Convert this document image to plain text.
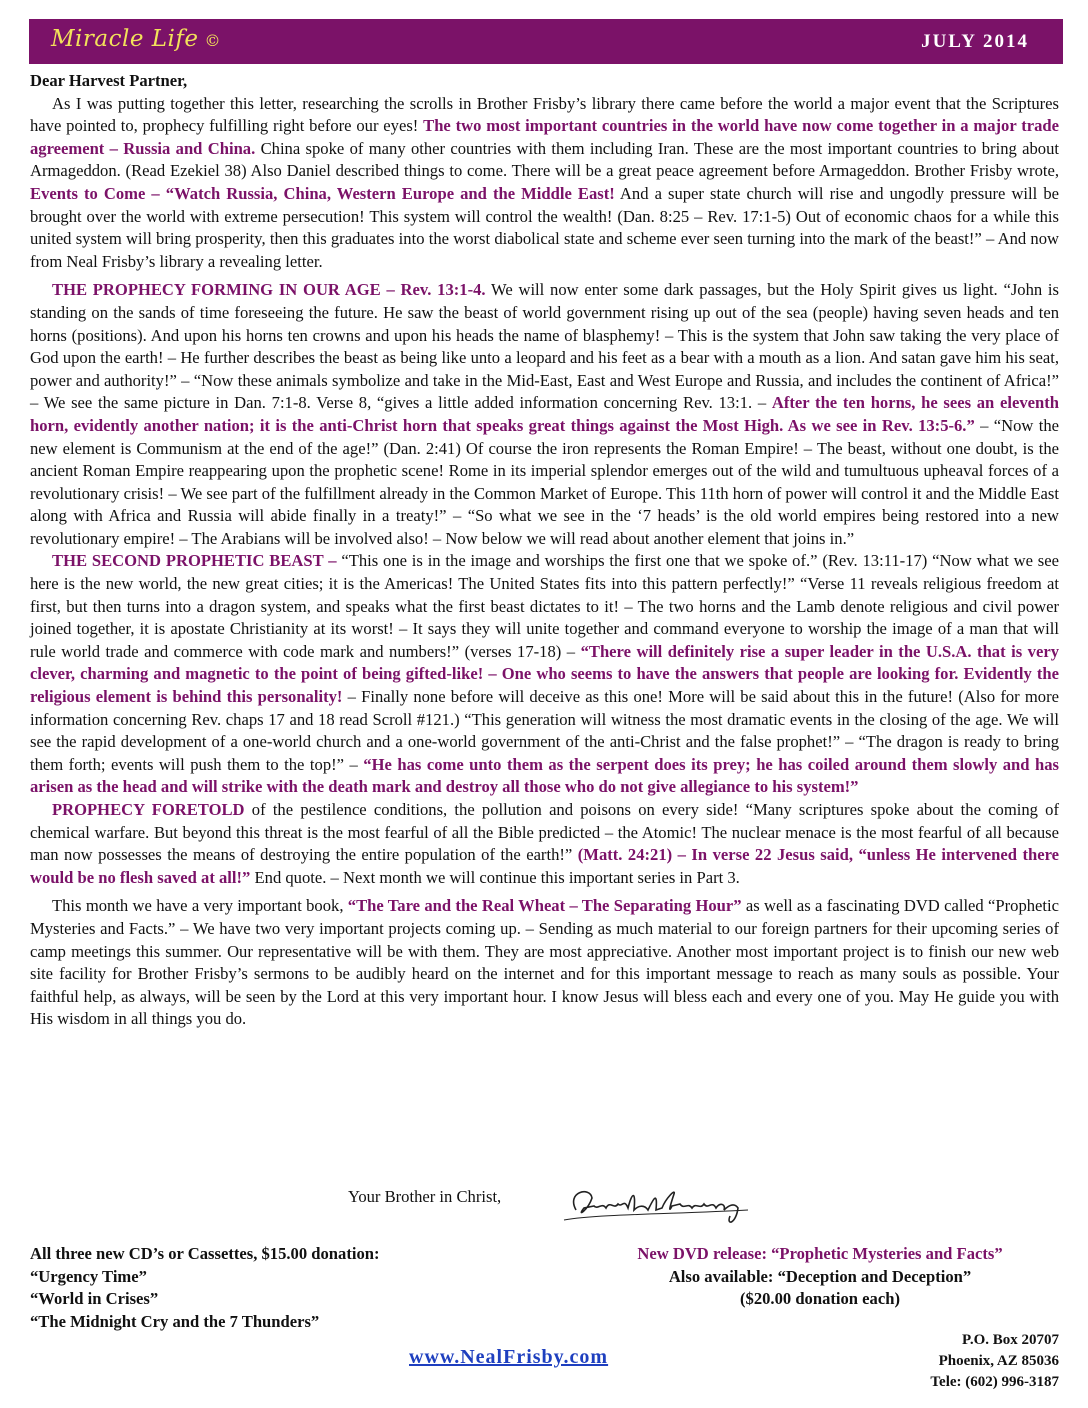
Miracle Life ©	JULY 2014

Dear Harvest Partner,

As I was putting together this letter, researching the scrolls in Brother Frisby’s library there came before the world a major event that the Scriptures have pointed to, prophecy fulfilling right before our eyes! The two most important countries in the world have now come together in a major trade agreement – Russia and China. China spoke of many other countries with them including Iran. These are the most important countries to bring about Armageddon. (Read Ezekiel 38) Also Daniel described things to come. There will be a great peace agreement before Armageddon. Brother Frisby wrote, Events to Come – “Watch Russia, China, Western Europe and the Middle East! And a super state church will rise and ungodly pressure will be brought over the world with extreme persecution! This system will control the wealth! (Dan. 8:25 – Rev. 17:1-5) Out of economic chaos for a while this united system will bring prosperity, then this graduates into the worst diabolical state and scheme ever seen turning into the mark of the beast!” – And now from Neal Frisby’s library a revealing letter.

THE PROPHECY FORMING IN OUR AGE – Rev. 13:1-4. We will now enter some dark passages, but the Holy Spirit gives us light. “John is standing on the sands of time foreseeing the future. He saw the beast of world government rising up out of the sea (people) having seven heads and ten horns (positions). And upon his horns ten crowns and upon his heads the name of blasphemy! – This is the system that John saw taking the very place of God upon the earth! – He further describes the beast as being like unto a leopard and his feet as a bear with a mouth as a lion. And satan gave him his seat, power and authority!” – “Now these animals symbolize and take in the Mid-East, East and West Europe and Russia, and includes the continent of Africa!” – We see the same picture in Dan. 7:1-8. Verse 8, “gives a little added information concerning Rev. 13:1. – After the ten horns, he sees an eleventh horn, evidently another nation; it is the anti-Christ horn that speaks great things against the Most High. As we see in Rev. 13:5-6.” – “Now the new element is Communism at the end of the age!” (Dan. 2:41) Of course the iron represents the Roman Empire! – The beast, without one doubt, is the ancient Roman Empire reappearing upon the prophetic scene! Rome in its imperial splendor emerges out of the wild and tumultuous upheaval forces of a revolutionary crisis! – We see part of the fulfillment already in the Common Market of Europe. This 11th horn of power will control it and the Middle East along with Africa and Russia will abide finally in a treaty!” – “So what we see in the ‘7 heads’ is the old world empires being restored into a new revolutionary empire! – The Arabians will be involved also! – Now below we will read about another element that joins in.”

THE SECOND PROPHETIC BEAST – “This one is in the image and worships the first one that we spoke of.” (Rev. 13:11-17) “Now what we see here is the new world, the new great cities; it is the Americas! The United States fits into this pattern perfectly!” “Verse 11 reveals religious freedom at first, but then turns into a dragon system, and speaks what the first beast dictates to it! – The two horns and the Lamb denote religious and civil power joined together, it is apostate Christianity at its worst! – It says they will unite together and command everyone to worship the image of a man that will rule world trade and commerce with code mark and numbers!” (verses 17-18) – “There will definitely rise a super leader in the U.S.A. that is very clever, charming and magnetic to the point of being gifted-like! – One who seems to have the answers that people are looking for. Evidently the religious element is behind this personality! – Finally none before will deceive as this one! More will be said about this in the future! (Also for more information concerning Rev. chaps 17 and 18 read Scroll #121.) “This generation will witness the most dramatic events in the closing of the age. We will see the rapid development of a one-world church and a one-world government of the anti-Christ and the false prophet!” – “The dragon is ready to bring them forth; events will push them to the top!” – “He has come unto them as the serpent does its prey; he has coiled around them slowly and has arisen as the head and will strike with the death mark and destroy all those who do not give allegiance to his system!”

PROPHECY FORETOLD of the pestilence conditions, the pollution and poisons on every side! “Many scriptures spoke about the coming of chemical warfare. But beyond this threat is the most fearful of all the Bible predicted – the Atomic! The nuclear menace is the most fearful of all because man now possesses the means of destroying the entire population of the earth!” (Matt. 24:21) – In verse 22 Jesus said, “unless He intervened there would be no flesh saved at all!” End quote. – Next month we will continue this important series in Part 3.

This month we have a very important book, “The Tare and the Real Wheat – The Separating Hour” as well as a fascinating DVD called “Prophetic Mysteries and Facts.” – We have two very important projects coming up. – Sending as much material to our foreign partners for their upcoming series of camp meetings this summer. Our representative will be with them. They are most appreciative. Another most important project is to finish our new web site facility for Brother Frisby’s sermons to be audibly heard on the internet and for this important message to reach as many souls as possible. Your faithful help, as always, will be seen by the Lord at this very important hour. I know Jesus will bless each and every one of you. May He guide you with His wisdom in all things you do.

Your Brother in Christ,
All three new CD’s or Cassettes, $15.00 donation:
“Urgency Time”
“World in Crises”
“The Midnight Cry and the 7 Thunders”
New DVD release: “Prophetic Mysteries and Facts”
Also available: “Deception and Deception”
($20.00 donation each)
www.NealFrisby.com
P.O. Box 20707
Phoenix, AZ 85036
Tele: (602) 996-3187
